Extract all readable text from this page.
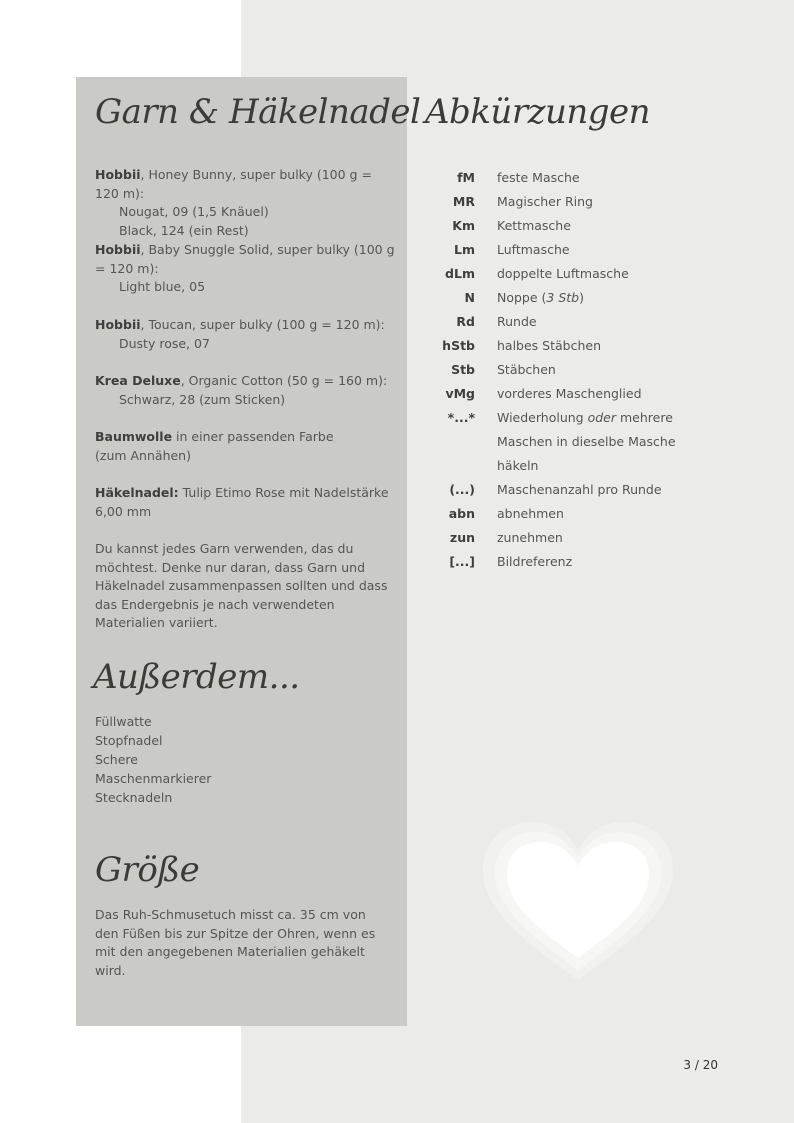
Garn & Häkelnadel Abkürzungen

Hobbii, Honey Bunny, super bulky (100 g = 120 m):

Nougat, 09 (1,5 Knäuel)

Black, 124 (ein Rest)

Hobbii, Baby Snuggle Solid, super bulky (100 g = 120 m):

Light blue, 05

Hobbii, Toucan, super bulky (100 g = 120 m):

Dusty rose, 07

Krea Deluxe, Organic Cotton (50 g = 160 m):

Schwarz, 28 (zum Sticken)

Baumwolle in einer passenden Farbe (zum Annähen)

Häkelnadel: Tulip Etimo Rose mit Nadelstärke 6,00 mm

Du kannst jedes Garn verwenden, das du möchtest. Denke nur daran, dass Garn und Häkelnadel zusammenpassen sollten und dass das Endergebnis je nach verwendeten Materialien variiert.

Außerdem...
Füllwatte
Stopfnadel
Schere
Maschenmarkierer
Stecknadeln
Größe

Das Ruh-Schmusetuch misst ca. 35 cm von den Füßen bis zur Spitze der Ohren, wenn es mit den angegebenen Materialien gehäkelt wird.

fM	feste Masche
MR	Magischer Ring
Km	Kettmasche
Lm	Luftmasche
dLm	doppelte Luftmasche
N	Noppe (3 Stb)
Rd	Runde
hStb	halbes Stäbchen
Stb	Stäbchen
vMg	vorderes Maschenglied
*...*	Wiederholung oder mehrere
Maschen in dieselbe Masche
häkeln
(...)	Maschenanzahl pro Runde
abn	abnehmen
zun	zunehmen
[...]	Bildreferenz
3 / 20
